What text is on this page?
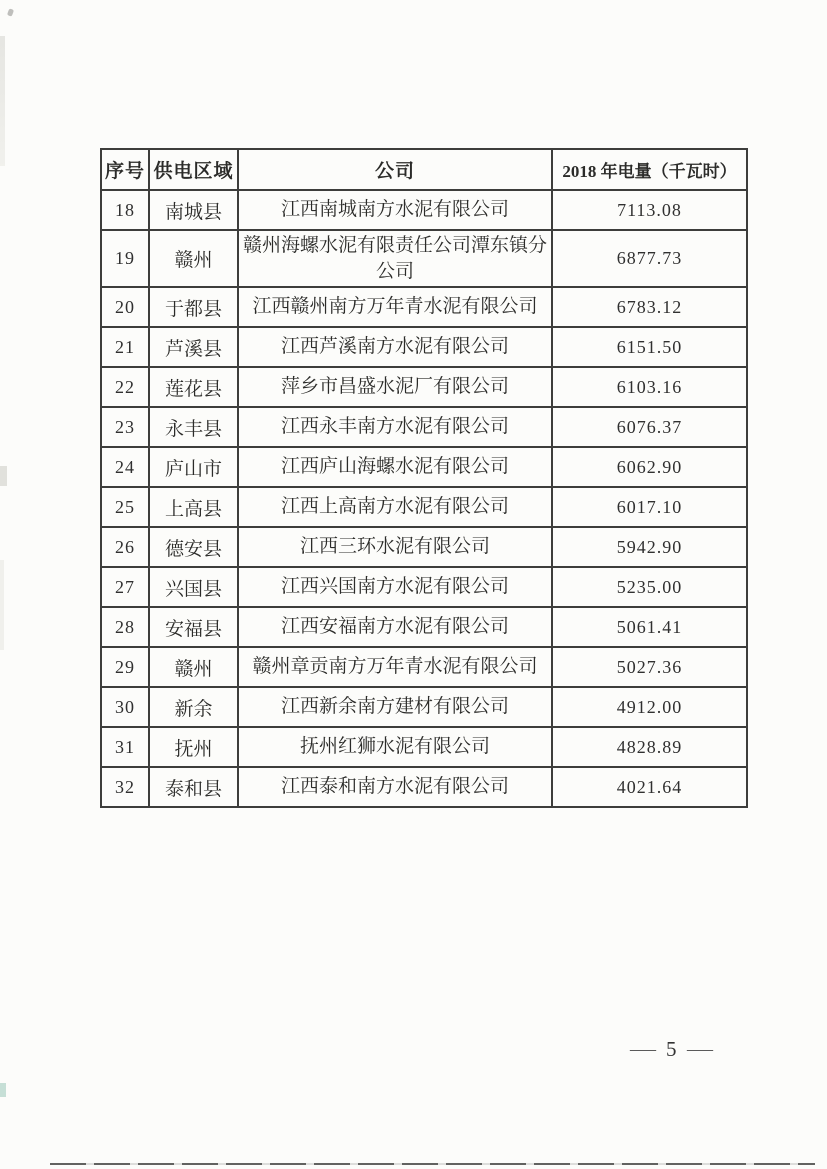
序号	供电区域	公司	2018 年电量（千瓦时）
18	南城县	江西南城南方水泥有限公司	7113.08
19	赣州	赣州海螺水泥有限责任公司潭东镇分公司	6877.73
20	于都县	江西赣州南方万年青水泥有限公司	6783.12
21	芦溪县	江西芦溪南方水泥有限公司	6151.50
22	莲花县	萍乡市昌盛水泥厂有限公司	6103.16
23	永丰县	江西永丰南方水泥有限公司	6076.37
24	庐山市	江西庐山海螺水泥有限公司	6062.90
25	上高县	江西上高南方水泥有限公司	6017.10
26	德安县	江西三环水泥有限公司	5942.90
27	兴国县	江西兴国南方水泥有限公司	5235.00
28	安福县	江西安福南方水泥有限公司	5061.41
29	赣州	赣州章贡南方万年青水泥有限公司	5027.36
30	新余	江西新余南方建材有限公司	4912.00
31	抚州	抚州红狮水泥有限公司	4828.89
32	泰和县	江西泰和南方水泥有限公司	4021.64
— 5 —
